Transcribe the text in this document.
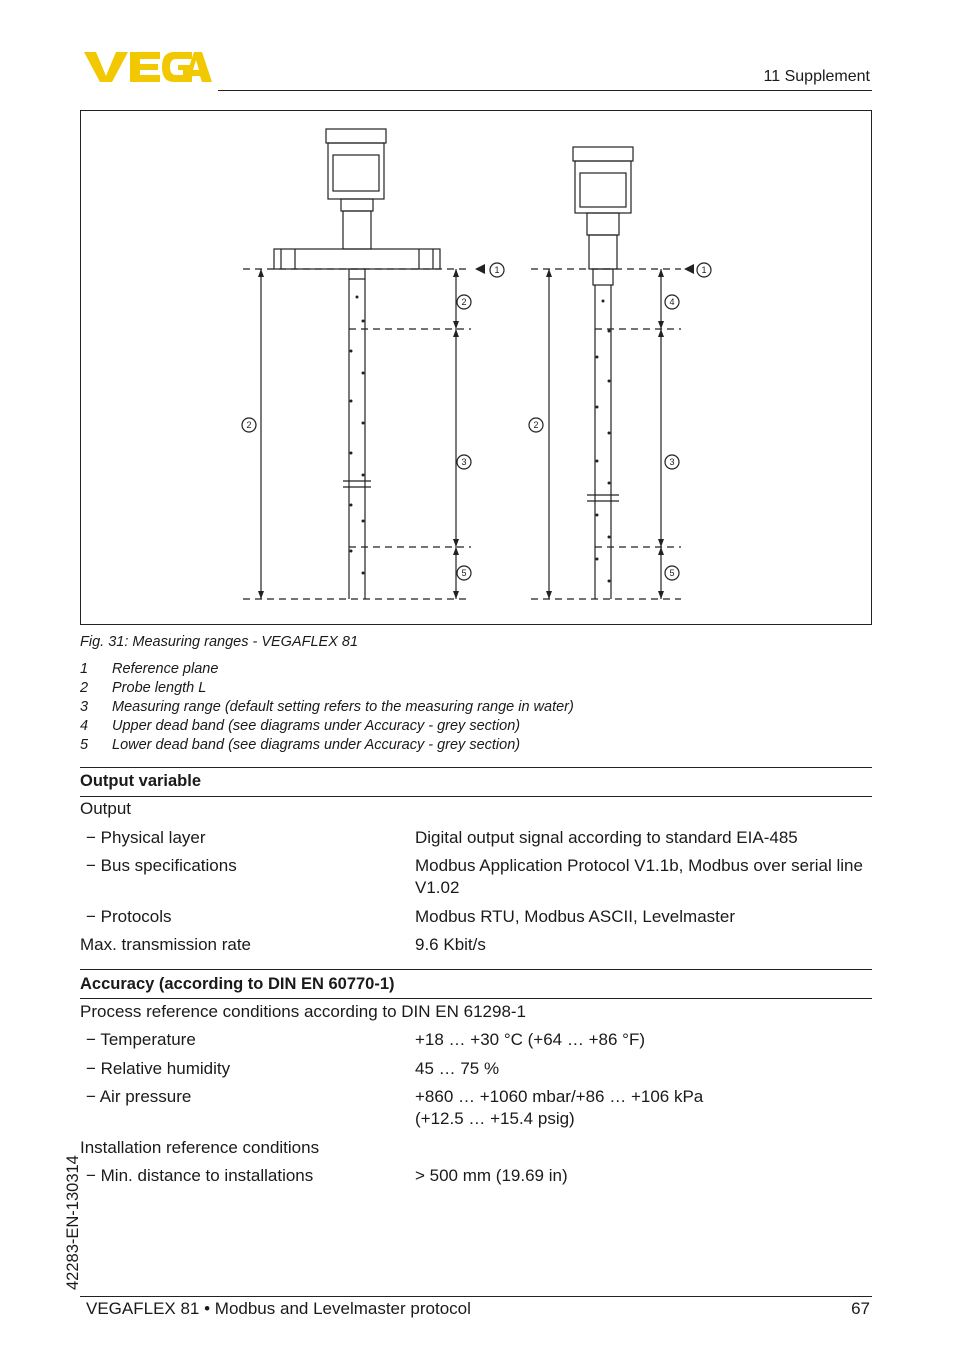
11 Supplement
1
2
2
3
5
1
4
2
3
5
Fig. 31: Measuring ranges - VEGAFLEX 81
1	Reference plane
2	Probe length L
3	Measuring range (default setting refers to the measuring range in water)
4	Upper dead band (see diagrams under Accuracy - grey section)
5	Lower dead band (see diagrams under Accuracy - grey section)
Output variable
Output
− Physical layer	Digital output signal according to standard EIA-485
− Bus specifications	Modbus Application Protocol V1.1b, Modbus over serial line V1.02
− Protocols	Modbus RTU, Modbus ASCII, Levelmaster
Max. transmission rate	9.6 Kbit/s
Accuracy (according to DIN EN 60770-1)
Process reference conditions according to DIN EN 61298-1
− Temperature	+18 … +30 °C (+64 … +86 °F)
− Relative humidity	45 … 75 %
− Air pressure	+860 … +1060 mbar/+86 … +106 kPa (+12.5 … +15.4 psig)
Installation reference conditions
− Min. distance to installations	> 500 mm (19.69 in)
42283-EN-130314
VEGAFLEX 81 • Modbus and Levelmaster protocol	67
